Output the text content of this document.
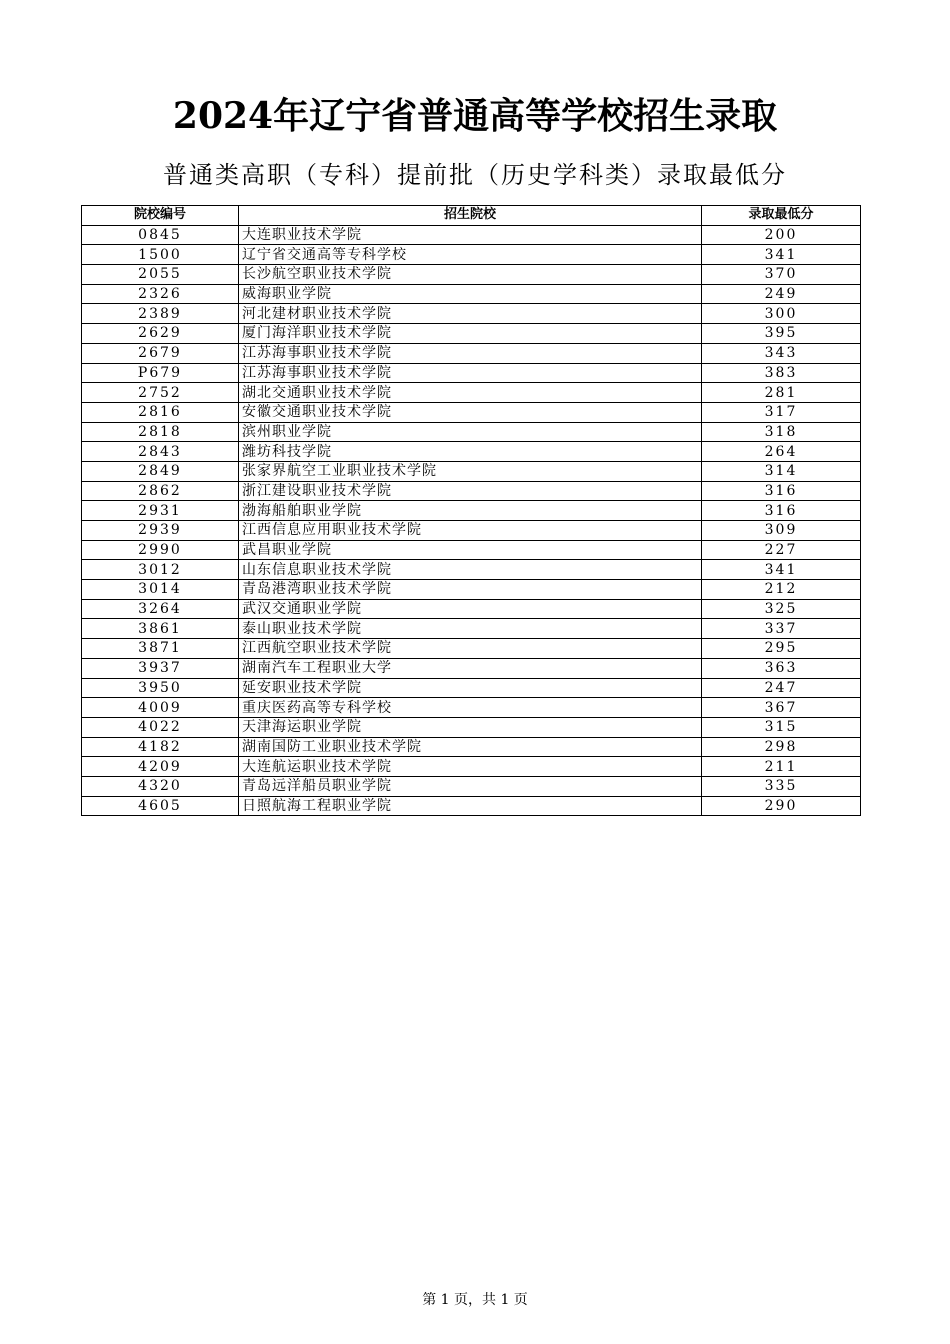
2024年辽宁省普通高等学校招生录取
普通类高职（专科）提前批（历史学科类）录取最低分
院校编号	招生院校	录取最低分
0845	大连职业技术学院	200
1500	辽宁省交通高等专科学校	341
2055	长沙航空职业技术学院	370
2326	威海职业学院	249
2389	河北建材职业技术学院	300
2629	厦门海洋职业技术学院	395
2679	江苏海事职业技术学院	343
P679	江苏海事职业技术学院	383
2752	湖北交通职业技术学院	281
2816	安徽交通职业技术学院	317
2818	滨州职业学院	318
2843	潍坊科技学院	264
2849	张家界航空工业职业技术学院	314
2862	浙江建设职业技术学院	316
2931	渤海船舶职业学院	316
2939	江西信息应用职业技术学院	309
2990	武昌职业学院	227
3012	山东信息职业技术学院	341
3014	青岛港湾职业技术学院	212
3264	武汉交通职业学院	325
3861	泰山职业技术学院	337
3871	江西航空职业技术学院	295
3937	湖南汽车工程职业大学	363
3950	延安职业技术学院	247
4009	重庆医药高等专科学校	367
4022	天津海运职业学院	315
4182	湖南国防工业职业技术学院	298
4209	大连航运职业技术学院	211
4320	青岛远洋船员职业学院	335
4605	日照航海工程职业学院	290
第 1 页，共 1 页
